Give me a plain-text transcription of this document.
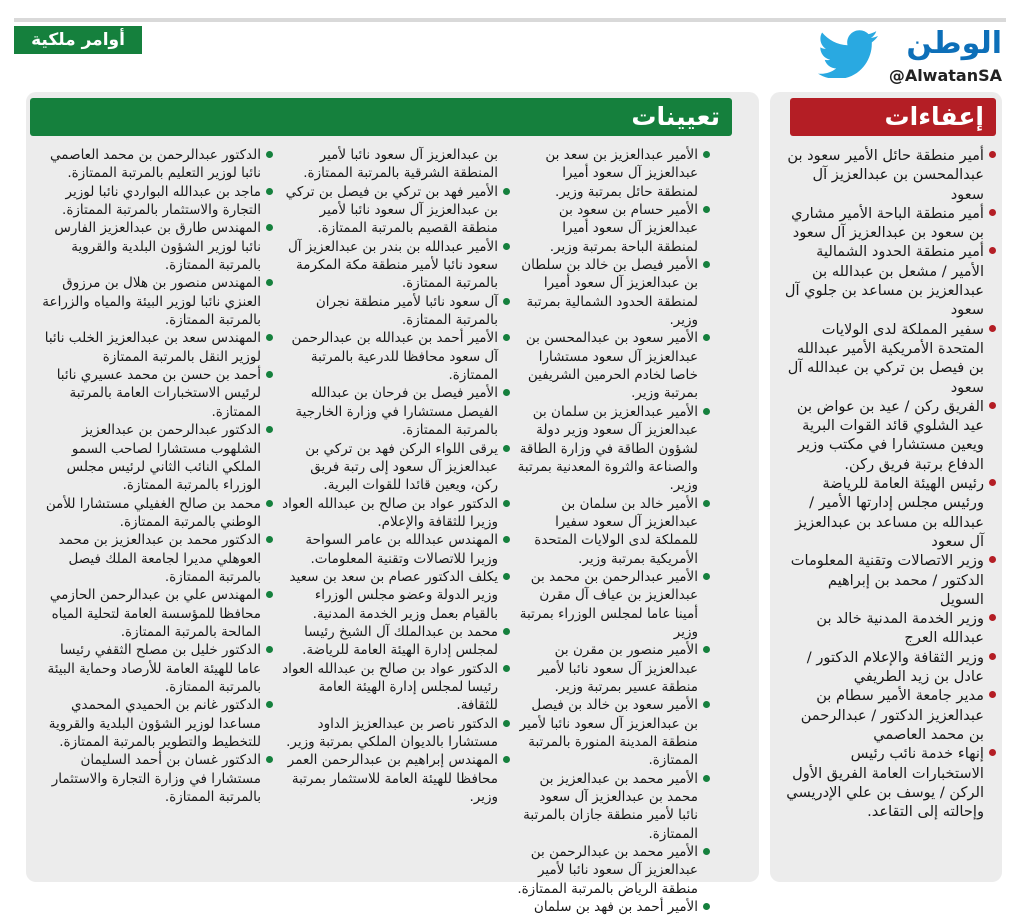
أوامر ملكية	الوطن
@AlwatanSA
إعفاءات
تعيينات
أمير منطقة حائل الأمير سعود بن عبدالمحسن بن عبدالعزيز آل سعود
أمير منطقة الباحة الأمير مشاري بن سعود بن عبدالعزيز آل سعود
أمير منطقة الحدود الشمالية الأمير / مشعل بن عبدالله بن عبدالعزيز بن مساعد بن جلوي آل سعود
سفير المملكة لدى الولايات المتحدة الأمريكية الأمير عبدالله بن فيصل بن تركي بن عبدالله آل سعود
الفريق ركن / عيد بن عواض بن عيد الشلوي قائد القوات البرية ويعين مستشارا في مكتب وزير الدفاع برتبة فريق ركن.
رئيس الهيئة العامة للرياضة ورئيس مجلس إدارتها الأمير / عبدالله بن مساعد بن عبدالعزيز آل سعود
وزير الاتصالات وتقنية المعلومات الدكتور / محمد بن إبراهيم السويل
وزير الخدمة المدنية خالد بن عبدالله العرج
وزير الثقافة والإعلام الدكتور / عادل بن زيد الطريفي
مدير جامعة الأمير سطام بن عبدالعزيز الدكتور / عبدالرحمن بن محمد العاصمي
إنهاء خدمة نائب رئيس الاستخبارات العامة الفريق الأول الركن / يوسف بن علي الإدريسي وإحالته إلى التقاعد.
الأمير عبدالعزيز بن سعد بن عبدالعزيز آل سعود أميرا لمنطقة حائل بمرتبة وزير.
الأمير حسام بن سعود بن عبدالعزيز آل سعود أميرا لمنطقة الباحة بمرتبة وزير.
الأمير فيصل بن خالد بن سلطان بن عبدالعزيز آل سعود أميرا لمنطقة الحدود الشمالية بمرتبة وزير.
الأمير سعود بن عبدالمحسن بن عبدالعزيز آل سعود مستشارا خاصا لخادم الحرمين الشريفين بمرتبة وزير.
الأمير عبدالعزيز بن سلمان بن عبدالعزيز آل سعود وزير دولة لشؤون الطاقة في وزارة الطاقة والصناعة والثروة المعدنية بمرتبة وزير.
الأمير خالد بن سلمان بن عبدالعزيز آل سعود سفيرا للمملكة لدى الولايات المتحدة الأمريكية بمرتبة وزير.
الأمير عبدالرحمن بن محمد بن عبدالعزيز بن عياف آل مقرن أمينا عاما لمجلس الوزراء بمرتبة وزير
الأمير منصور بن مقرن بن عبدالعزيز آل سعود نائبا لأمير منطقة عسير بمرتبة وزير.
الأمير سعود بن خالد بن فيصل بن عبدالعزيز آل سعود نائبا لأمير منطقة المدينة المنورة بالمرتبة الممتازة.
الأمير محمد بن عبدالعزيز بن محمد بن عبدالعزيز آل سعود نائبا لأمير منطقة جازان بالمرتبة الممتازة.
الأمير محمد بن عبدالرحمن بن عبدالعزيز آل سعود نائبا لأمير منطقة الرياض بالمرتبة الممتازة.
الأمير أحمد بن فهد بن سلمان
بن عبدالعزيز آل سعود نائبا لأمير المنطقة الشرقية بالمرتبة الممتازة.
الأمير فهد بن تركي بن فيصل بن تركي بن عبدالعزيز آل سعود نائبا لأمير منطقة القصيم بالمرتبة الممتازة.
الأمير عبدالله بن بندر بن عبدالعزيز آل سعود نائبا لأمير منطقة مكة المكرمة بالمرتبة الممتازة.
آل سعود نائبا لأمير منطقة نجران بالمرتبة الممتازة.
الأمير أحمد بن عبدالله بن عبدالرحمن آل سعود محافظا للدرعية بالمرتبة الممتازة.
الأمير فيصل بن فرحان بن عبدالله الفيصل مستشارا في وزارة الخارجية بالمرتبة الممتازة.
يرقى اللواء الركن فهد بن تركي بن عبدالعزيز آل سعود إلى رتبة فريق ركن، ويعين قائدا للقوات البرية.
الدكتور عواد بن صالح بن عبدالله العواد وزيرا للثقافة والإعلام.
المهندس عبدالله بن عامر السواحة وزيرا للاتصالات وتقنية المعلومات.
يكلف الدكتور عصام بن سعد بن سعيد وزير الدولة وعضو مجلس الوزراء بالقيام بعمل وزير الخدمة المدنية.
محمد بن عبدالملك آل الشيخ رئيسا لمجلس إدارة الهيئة العامة للرياضة.
الدكتور عواد بن صالح بن عبدالله العواد رئيسا لمجلس إدارة الهيئة العامة للثقافة.
الدكتور ناصر بن عبدالعزيز الداود مستشارا بالديوان الملكي بمرتبة وزير.
المهندس إبراهيم بن عبدالرحمن العمر محافظا للهيئة العامة للاستثمار بمرتبة وزير.
الدكتور عبدالرحمن بن محمد العاصمي نائبا لوزير التعليم بالمرتبة الممتازة.
ماجد بن عبدالله البواردي نائبا لوزير التجارة والاستثمار بالمرتبة الممتازة.
المهندس طارق بن عبدالعزيز الفارس نائبا لوزير الشؤون البلدية والقروية بالمرتبة الممتازة.
المهندس منصور بن هلال بن مرزوق العنزي نائبا لوزير البيئة والمياه والزراعة بالمرتبة الممتازة.
المهندس سعد بن عبدالعزيز الخلب نائبا لوزير النقل بالمرتبة الممتازة
أحمد بن حسن بن محمد عسيري نائبا لرئيس الاستخبارات العامة بالمرتبة الممتازة.
الدكتور عبدالرحمن بن عبدالعزيز الشلهوب مستشارا لصاحب السمو الملكي النائب الثاني لرئيس مجلس الوزراء بالمرتبة الممتازة.
محمد بن صالح الغفيلي مستشارا للأمن الوطني بالمرتبة الممتازة.
الدكتور محمد بن عبدالعزيز بن محمد العوهلي مديرا لجامعة الملك فيصل بالمرتبة الممتازة.
المهندس علي بن عبدالرحمن الحازمي محافظا للمؤسسة العامة لتحلية المياه المالحة بالمرتبة الممتازة.
الدكتور خليل بن مصلح الثقفي رئيسا عاما للهيئة العامة للأرصاد وحماية البيئة بالمرتبة الممتازة.
الدكتور غانم بن الحميدي المحمدي مساعدا لوزير الشؤون البلدية والقروية للتخطيط والتطوير بالمرتبة الممتازة.
الدكتور غسان بن أحمد السليمان مستشارا في وزارة التجارة والاستثمار بالمرتبة الممتازة.
